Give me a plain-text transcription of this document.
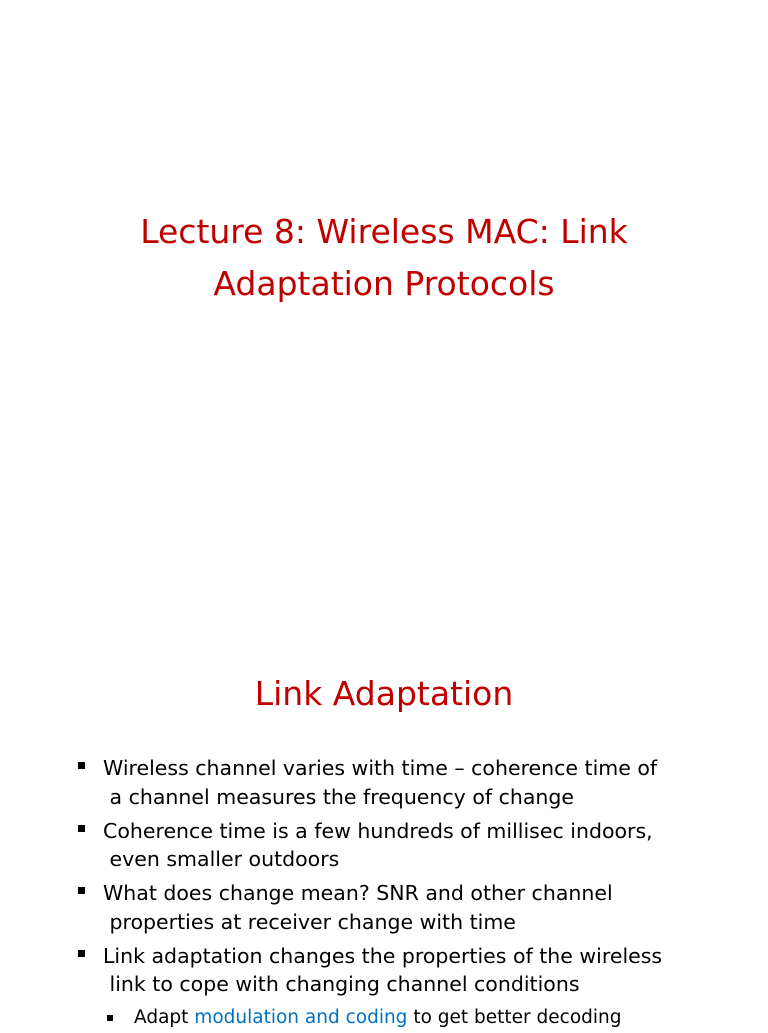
Lecture 8: Wireless MAC: Link
Adaptation Protocols
Link Adaptation
Wireless channel varies with time – coherence time of
a channel measures the frequency of change
Coherence time is a few hundreds of millisec indoors,
even smaller outdoors
What does change mean? SNR and other channel
properties at receiver change with time
Link adaptation changes the properties of the wireless
link to cope with changing channel conditions
Adapt modulation and coding to get better decoding
